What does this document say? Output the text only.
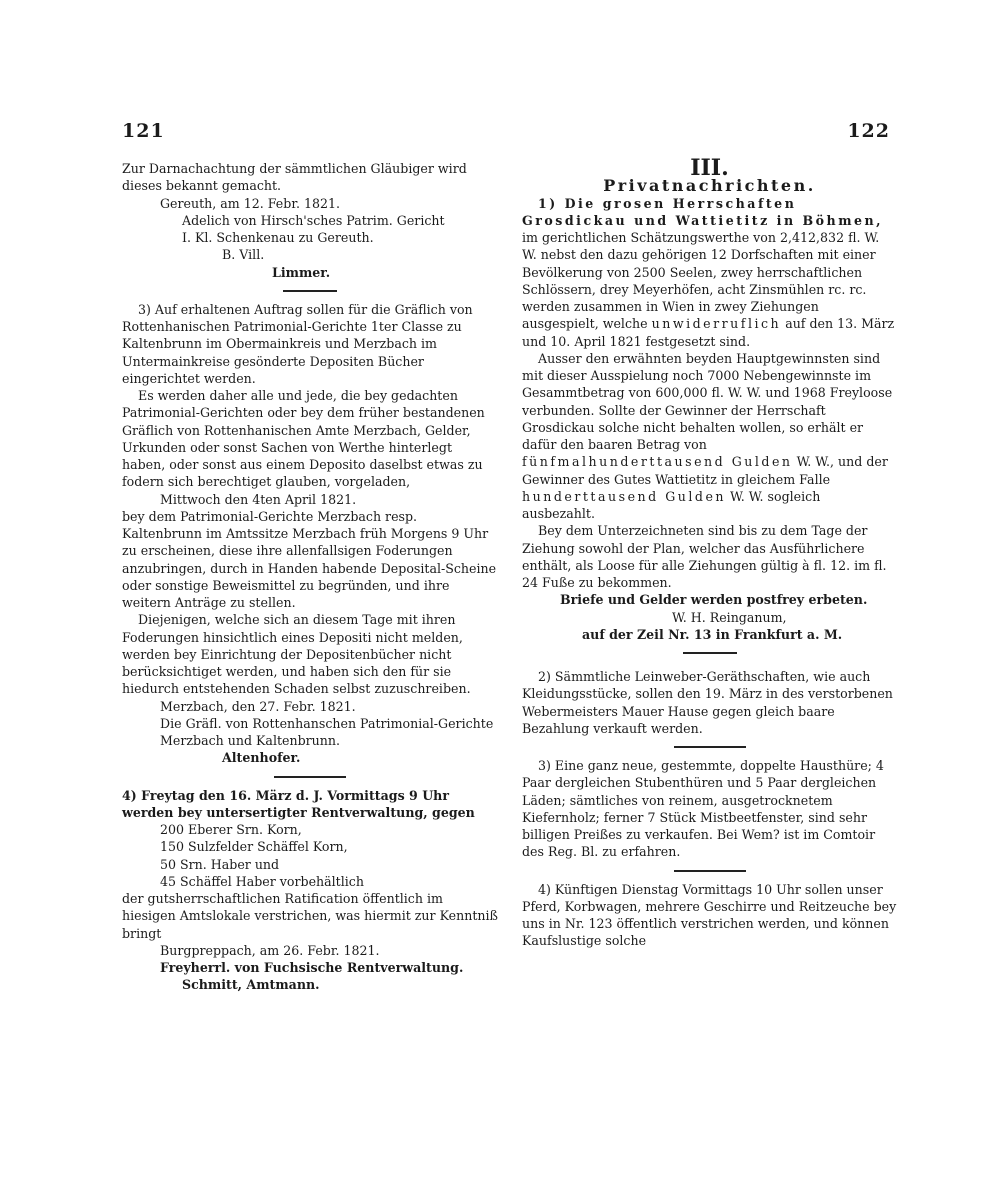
121	122

Zur Darnachachtung der sämmtlichen Gläubiger wird dieses bekannt gemacht.

Gereuth, am 12. Febr. 1821.

Adelich von Hirsch'sches Patrim. Gericht

I. Kl. Schenkenau zu Gereuth.

B. Vill.

Limmer.

3) Auf erhaltenen Auftrag sollen für die Gräflich von Rottenhanischen Patrimonial-Gerichte 1ter Classe zu Kaltenbrunn im Obermainkreis und Merzbach im Untermainkreise gesönderte Depositen Bücher eingerichtet werden.

Es werden daher alle und jede, die bey gedachten Patrimonial-Gerichten oder bey dem früher bestandenen Gräflich von Rottenhanischen Amte Merzbach, Gelder, Urkunden oder sonst Sachen von Werthe hinterlegt haben, oder sonst aus einem Deposito daselbst etwas zu fodern sich berechtiget glauben, vorgeladen,

Mittwoch den 4ten April 1821.

bey dem Patrimonial-Gerichte Merzbach resp. Kaltenbrunn im Amtssitze Merzbach früh Morgens 9 Uhr zu erscheinen, diese ihre allenfallsigen Foderungen anzubringen, durch in Handen habende Deposital-Scheine oder sonstige Beweismittel zu begründen, und ihre weitern Anträge zu stellen.

Diejenigen, welche sich an diesem Tage mit ihren Foderungen hinsichtlich eines Depositi nicht melden, werden bey Einrichtung der Depositenbücher nicht berücksichtiget werden, und haben sich den für sie hiedurch entstehenden Schaden selbst zuzuschreiben.

Merzbach, den 27. Febr. 1821.

Die Gräfl. von Rottenhanschen Patrimonial-Gerichte Merzbach und Kaltenbrunn.

Altenhofer.

4) Freytag den 16. März d. J. Vormittags 9 Uhr werden bey untersertigter Rentverwaltung, gegen

200 Eberer Srn. Korn,

150 Sulzfelder Schäffel Korn,

50 Srn. Haber und

45 Schäffel Haber vorbehältlich

der gutsherrschaftlichen Ratification öffentlich im hiesigen Amtslokale verstrichen, was hiermit zur Kenntniß bringt

Burgpreppach, am 26. Febr. 1821.

Freyherrl. von Fuchsische Rentverwaltung.

Schmitt, Amtmann.

III.

Privatnachrichten.

1) Die grosen Herrschaften Grosdickau und Wattietitz in Böhmen, im gerichtlichen Schätzungswerthe von 2,412,832 fl. W. W. nebst den dazu gehörigen 12 Dorfschaften mit einer Bevölkerung von 2500 Seelen, zwey herrschaftlichen Schlössern, drey Meyerhöfen, acht Zinsmühlen rc. rc. werden zusammen in Wien in zwey Ziehungen ausgespielt, welche unwiderruflich auf den 13. März und 10. April 1821 festgesetzt sind.

Ausser den erwähnten beyden Hauptgewinnsten sind mit dieser Ausspielung noch 7000 Nebengewinnste im Gesammtbetrag von 600,000 fl. W. W. und 1968 Freyloose verbunden. Sollte der Gewinner der Herrschaft Grosdickau solche nicht behalten wollen, so erhält er dafür den baaren Betrag von fünfmalhunderttausend Gulden W. W., und der Gewinner des Gutes Wattietitz in gleichem Falle hunderttausend Gulden W. W. sogleich ausbezahlt.

Bey dem Unterzeichneten sind bis zu dem Tage der Ziehung sowohl der Plan, welcher das Ausführlichere enthält, als Loose für alle Ziehungen gültig à fl. 12. im fl. 24 Fuße zu bekommen.

Briefe und Gelder werden postfrey erbeten.

W. H. Reinganum,

auf der Zeil Nr. 13 in Frankfurt a. M.

2) Sämmtliche Leinweber-Geräthschaften, wie auch Kleidungsstücke, sollen den 19. März in des verstorbenen Webermeisters Mauer Hause gegen gleich baare Bezahlung verkauft werden.

3) Eine ganz neue, gestemmte, doppelte Hausthüre; 4 Paar dergleichen Stubenthüren und 5 Paar dergleichen Läden; sämtliches von reinem, ausgetrocknetem Kiefernholz; ferner 7 Stück Mistbeetfenster, sind sehr billigen Preißes zu verkaufen. Bei Wem? ist im Comtoir des Reg. Bl. zu erfahren.

4) Künftigen Dienstag Vormittags 10 Uhr sollen unser Pferd, Korbwagen, mehrere Geschirre und Reitzeuche bey uns in Nr. 123 öffentlich verstrichen werden, und können Kaufslustige solche
